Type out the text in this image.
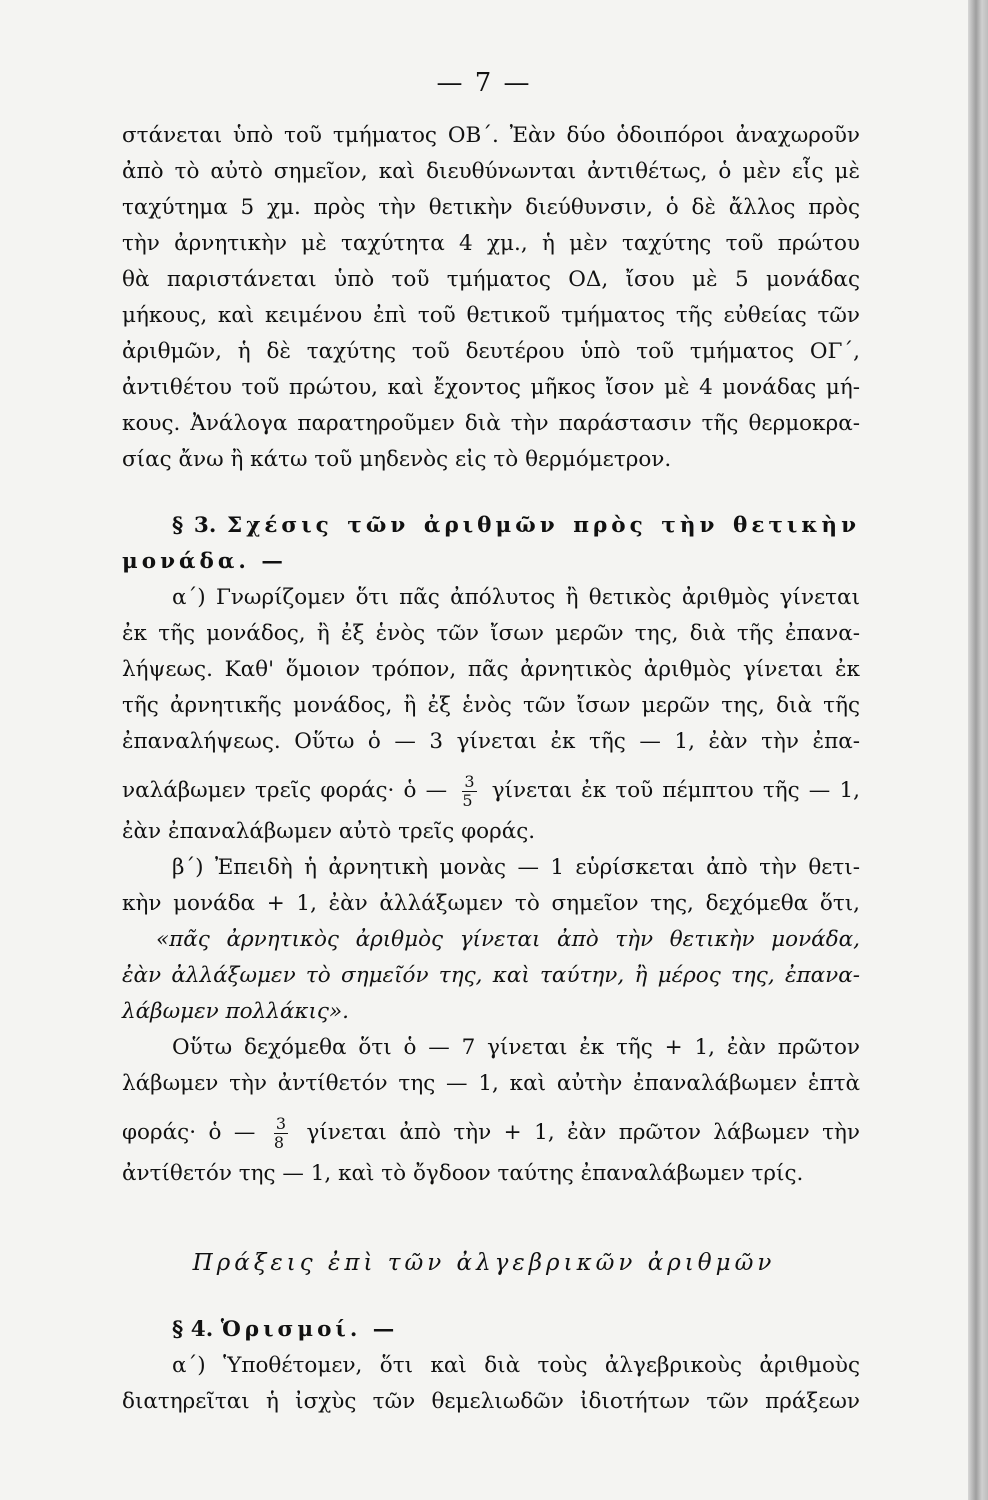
— 7 —
στάνεται ὑπὸ τοῦ τμήματος ΟΒ΄. Ἐὰν δύο ὁδοιπόροι ἀναχωροῦν
ἀπὸ τὸ αὐτὸ σημεῖον, καὶ διευθύνωνται ἀντιθέτως, ὁ μὲν εἷς μὲ
ταχύτημα 5 χμ. πρὸς τὴν θετικὴν διεύθυνσιν, ὁ δὲ ἄλλος πρὸς
τὴν ἀρνητικὴν μὲ ταχύτητα 4 χμ., ἡ μὲν ταχύτης τοῦ πρώτου
θὰ παριστάνεται ὑπὸ τοῦ τμήματος ΟΔ, ἴσου μὲ 5 μονάδας
μήκους, καὶ κειμένου ἐπὶ τοῦ θετικοῦ τμήματος τῆς εὐθείας τῶν
ἀριθμῶν, ἡ δὲ ταχύτης τοῦ δευτέρου ὑπὸ τοῦ τμήματος ΟΓ΄,
ἀντιθέτου τοῦ πρώτου, καὶ ἔχοντος μῆκος ἴσον μὲ 4 μονάδας μή-
κους. Ἀνάλογα παρατηροῦμεν διὰ τὴν παράστασιν τῆς θερμοκρα-
σίας ἄνω ἢ κάτω τοῦ μηδενὸς εἰς τὸ θερμόμετρον.
§ 3. Σχέσις τῶν ἀριθμῶν πρὸς τὴν θετικὴν
μονάδα. —
α΄) Γνωρίζομεν ὅτι πᾶς ἀπόλυτος ἢ θετικὸς ἀριθμὸς γίνεται
ἐκ τῆς μονάδος, ἢ ἐξ ἑνὸς τῶν ἴσων μερῶν της, διὰ τῆς ἐπανα-
λήψεως. Καθ' ὅμοιον τρόπον, πᾶς ἀρνητικὸς ἀριθμὸς γίνεται ἐκ
τῆς ἀρνητικῆς μονάδος, ἢ ἐξ ἑνὸς τῶν ἴσων μερῶν της, διὰ τῆς
ἐπαναλήψεως. Οὕτω ὁ — 3 γίνεται ἐκ τῆς — 1, ἐὰν τὴν ἐπα-
ναλάβωμεν τρεῖς φοράς· ὁ — $\frac{3}{5}$ γίνεται ἐκ τοῦ πέμπτου τῆς — 1,
ἐὰν ἐπαναλάβωμεν αὐτὸ τρεῖς φοράς.
β΄) Ἐπειδὴ ἡ ἀρνητικὴ μονὰς — 1 εὑρίσκεται ἀπὸ τὴν θετι-
κὴν μονάδα + 1, ἐὰν ἀλλάξωμεν τὸ σημεῖον της, δεχόμεθα ὅτι,
«πᾶς ἀρνητικὸς ἀριθμὸς γίνεται ἀπὸ τὴν θετικὴν μονάδα,
ἐὰν ἀλλάξωμεν τὸ σημεῖόν της, καὶ ταύτην, ἢ μέρος της, ἐπανα-
λάβωμεν πολλάκις».
Οὕτω δεχόμεθα ὅτι ὁ — 7 γίνεται ἐκ τῆς + 1, ἐὰν πρῶτον
λάβωμεν τὴν ἀντίθετόν της — 1, καὶ αὐτὴν ἐπαναλάβωμεν ἑπτὰ
φοράς· ὁ — $\frac{3}{8}$ γίνεται ἀπὸ τὴν + 1, ἐὰν πρῶτον λάβωμεν τὴν
ἀντίθετόν της — 1, καὶ τὸ ὄγδοον ταύτης ἐπαναλάβωμεν τρίς.
Πράξεις ἐπὶ τῶν ἀλγεβρικῶν ἀριθμῶν
§ 4. Ὁρισμοί. —
α΄) Ὑποθέτομεν, ὅτι καὶ διὰ τοὺς ἀλγεβρικοὺς ἀριθμοὺς
διατηρεῖται ἡ ἰσχὺς τῶν θεμελιωδῶν ἰδιοτήτων τῶν πράξεων
